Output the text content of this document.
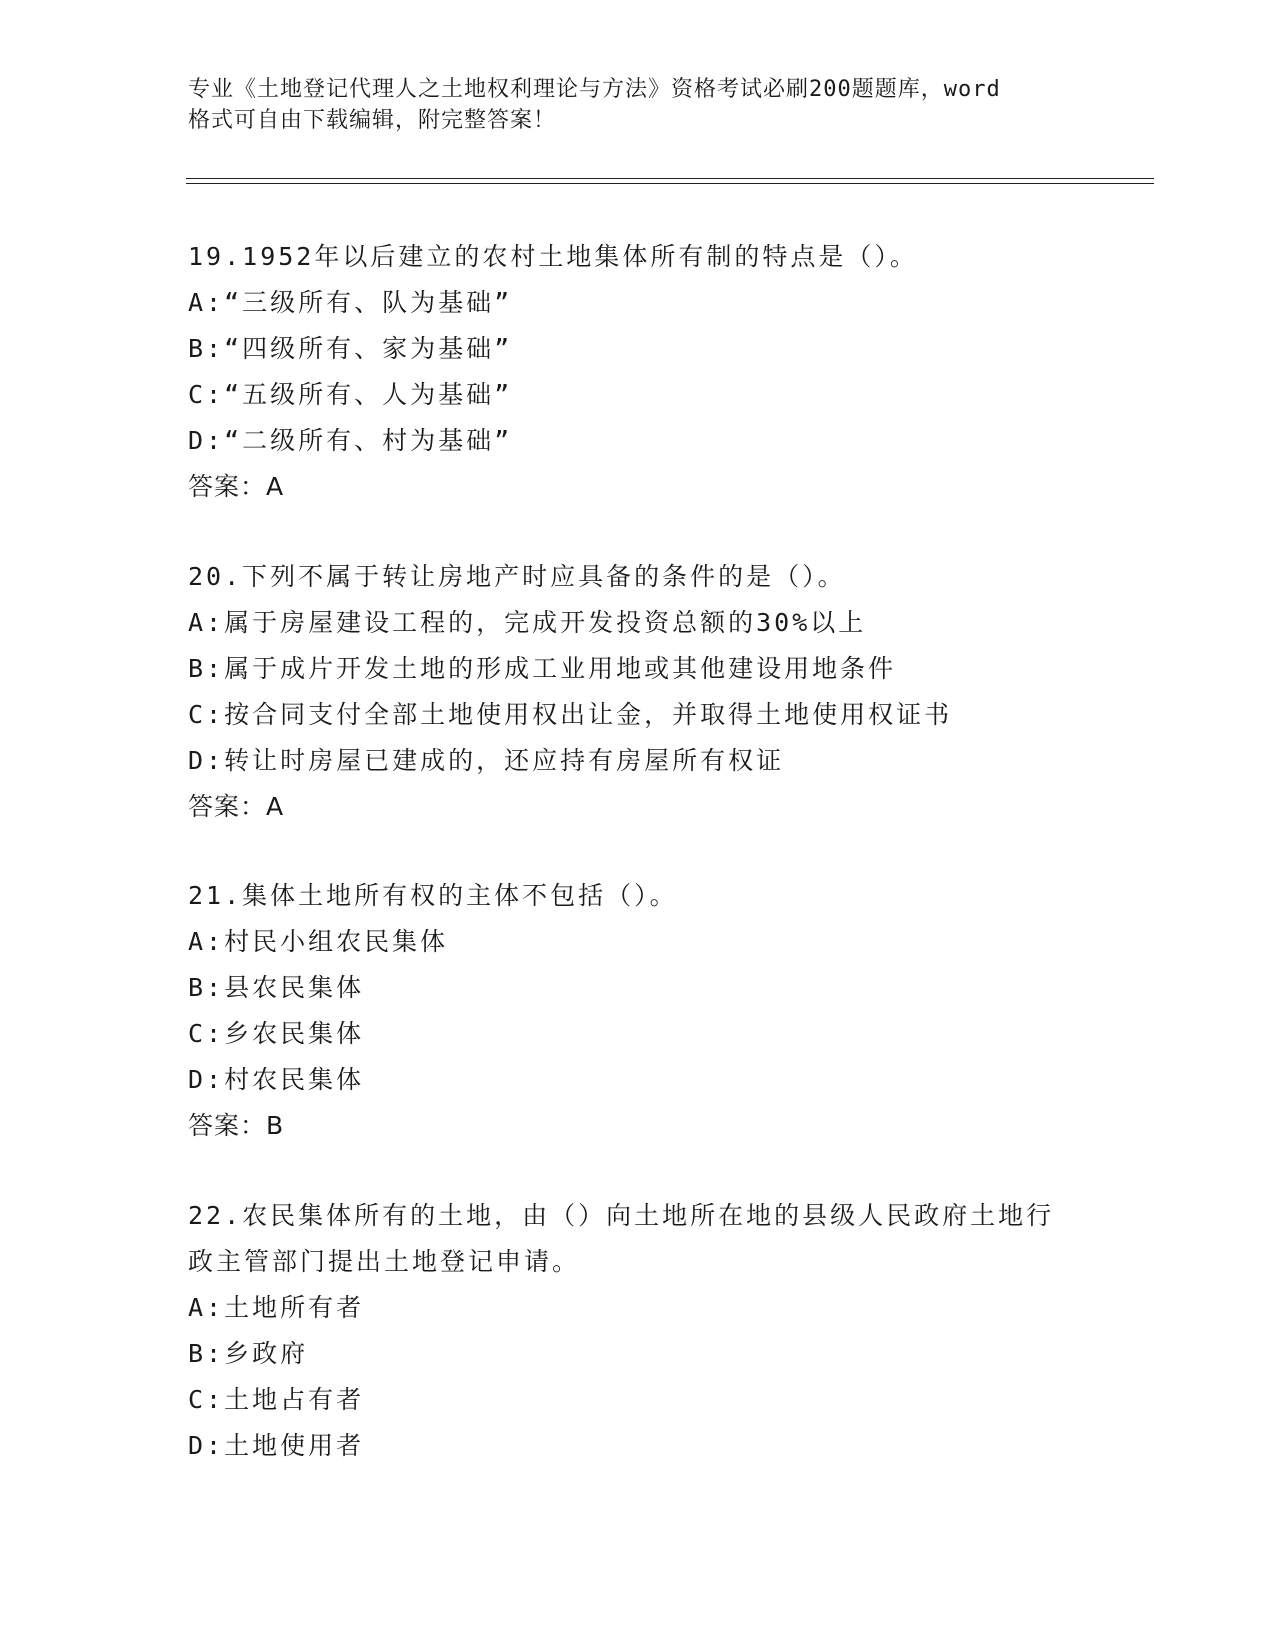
专业《土地登记代理人之土地权利理论与方法》资格考试必刷200题题库，word
格式可自由下载编辑，附完整答案！

19.1952年以后建立的农村土地集体所有制的特点是（）。

A:“三级所有、队为基础”

B:“四级所有、家为基础”

C:“五级所有、人为基础”

D:“二级所有、村为基础”

答案：A

20.下列不属于转让房地产时应具备的条件的是（）。

A:属于房屋建设工程的，完成开发投资总额的30%以上

B:属于成片开发土地的形成工业用地或其他建设用地条件

C:按合同支付全部土地使用权出让金，并取得土地使用权证书

D:转让时房屋已建成的，还应持有房屋所有权证

答案：A

21.集体土地所有权的主体不包括（）。

A:村民小组农民集体

B:县农民集体

C:乡农民集体

D:村农民集体

答案：B

22.农民集体所有的土地，由（）向土地所在地的县级人民政府土地行

政主管部门提出土地登记申请。

A:土地所有者

B:乡政府

C:土地占有者

D:土地使用者
